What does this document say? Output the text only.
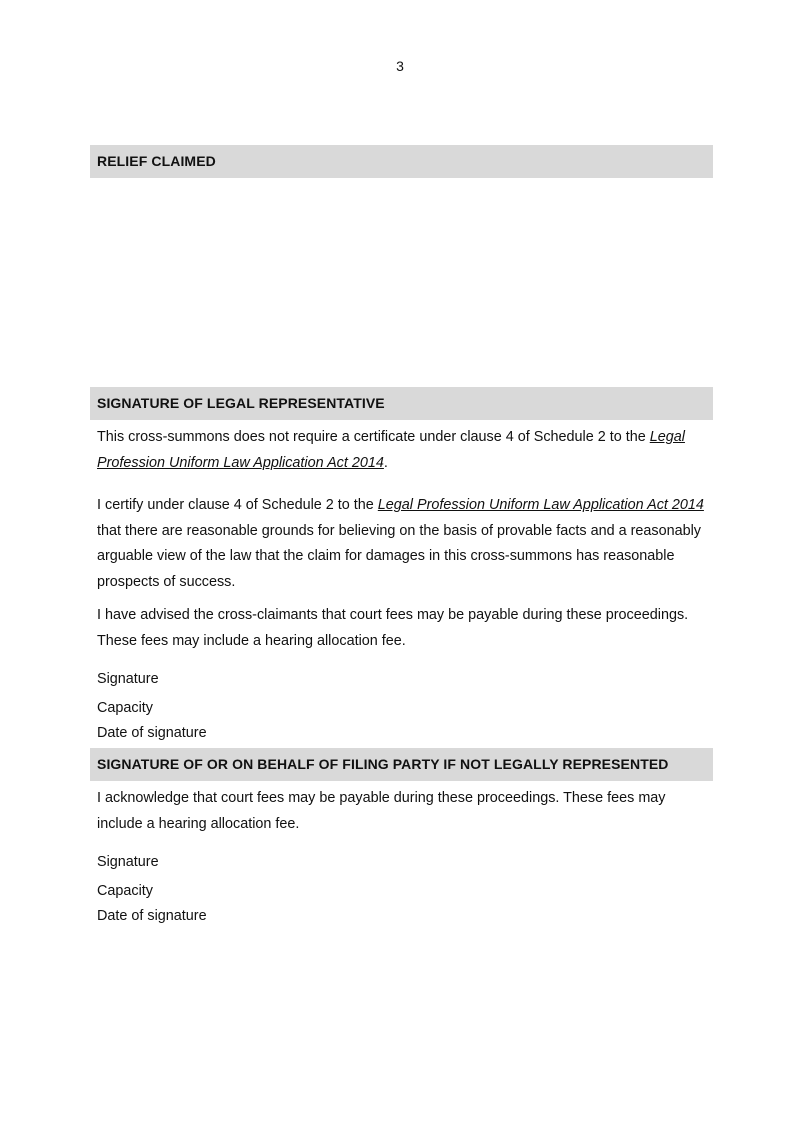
3
RELIEF CLAIMED
SIGNATURE OF LEGAL REPRESENTATIVE

This cross-summons does not require a certificate under clause 4 of Schedule 2 to the Legal Profession Uniform Law Application Act 2014.

I certify under clause 4 of Schedule 2 to the Legal Profession Uniform Law Application Act 2014 that there are reasonable grounds for believing on the basis of provable facts and a reasonably arguable view of the law that the claim for damages in this cross-summons has reasonable prospects of success.

I have advised the cross-claimants that court fees may be payable during these proceedings. These fees may include a hearing allocation fee.

Signature
Capacity
Date of signature
SIGNATURE OF OR ON BEHALF OF FILING PARTY IF NOT LEGALLY REPRESENTED

I acknowledge that court fees may be payable during these proceedings. These fees may include a hearing allocation fee.

Signature
Capacity
Date of signature
